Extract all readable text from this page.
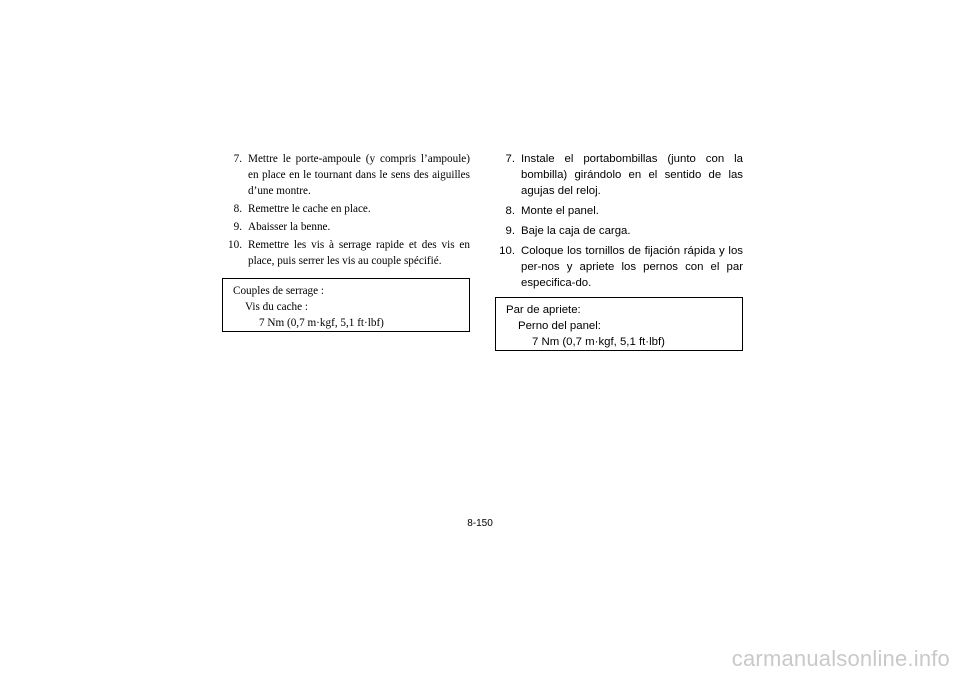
7. Mettre le porte-ampoule (y compris l’ampoule) en place en le tournant dans le sens des aiguilles d’une montre.
8. Remettre le cache en place.
9. Abaisser la benne.
10. Remettre les vis à serrage rapide et des vis en place, puis serrer les vis au couple spécifié.
Couples de serrage :
Vis du cache :
7 Nm (0,7 m·kgf, 5,1 ft·lbf)
7. Instale el portabombillas (junto con la bombilla) girándolo en el sentido de las agujas del reloj.
8. Monte el panel.
9. Baje la caja de carga.
10. Coloque los tornillos de fijación rápida y los per-nos y apriete los pernos con el par especifica-do.
Par de apriete:
Perno del panel:
7 Nm (0,7 m·kgf, 5,1 ft·lbf)
8-150
carmanualsonline.info
